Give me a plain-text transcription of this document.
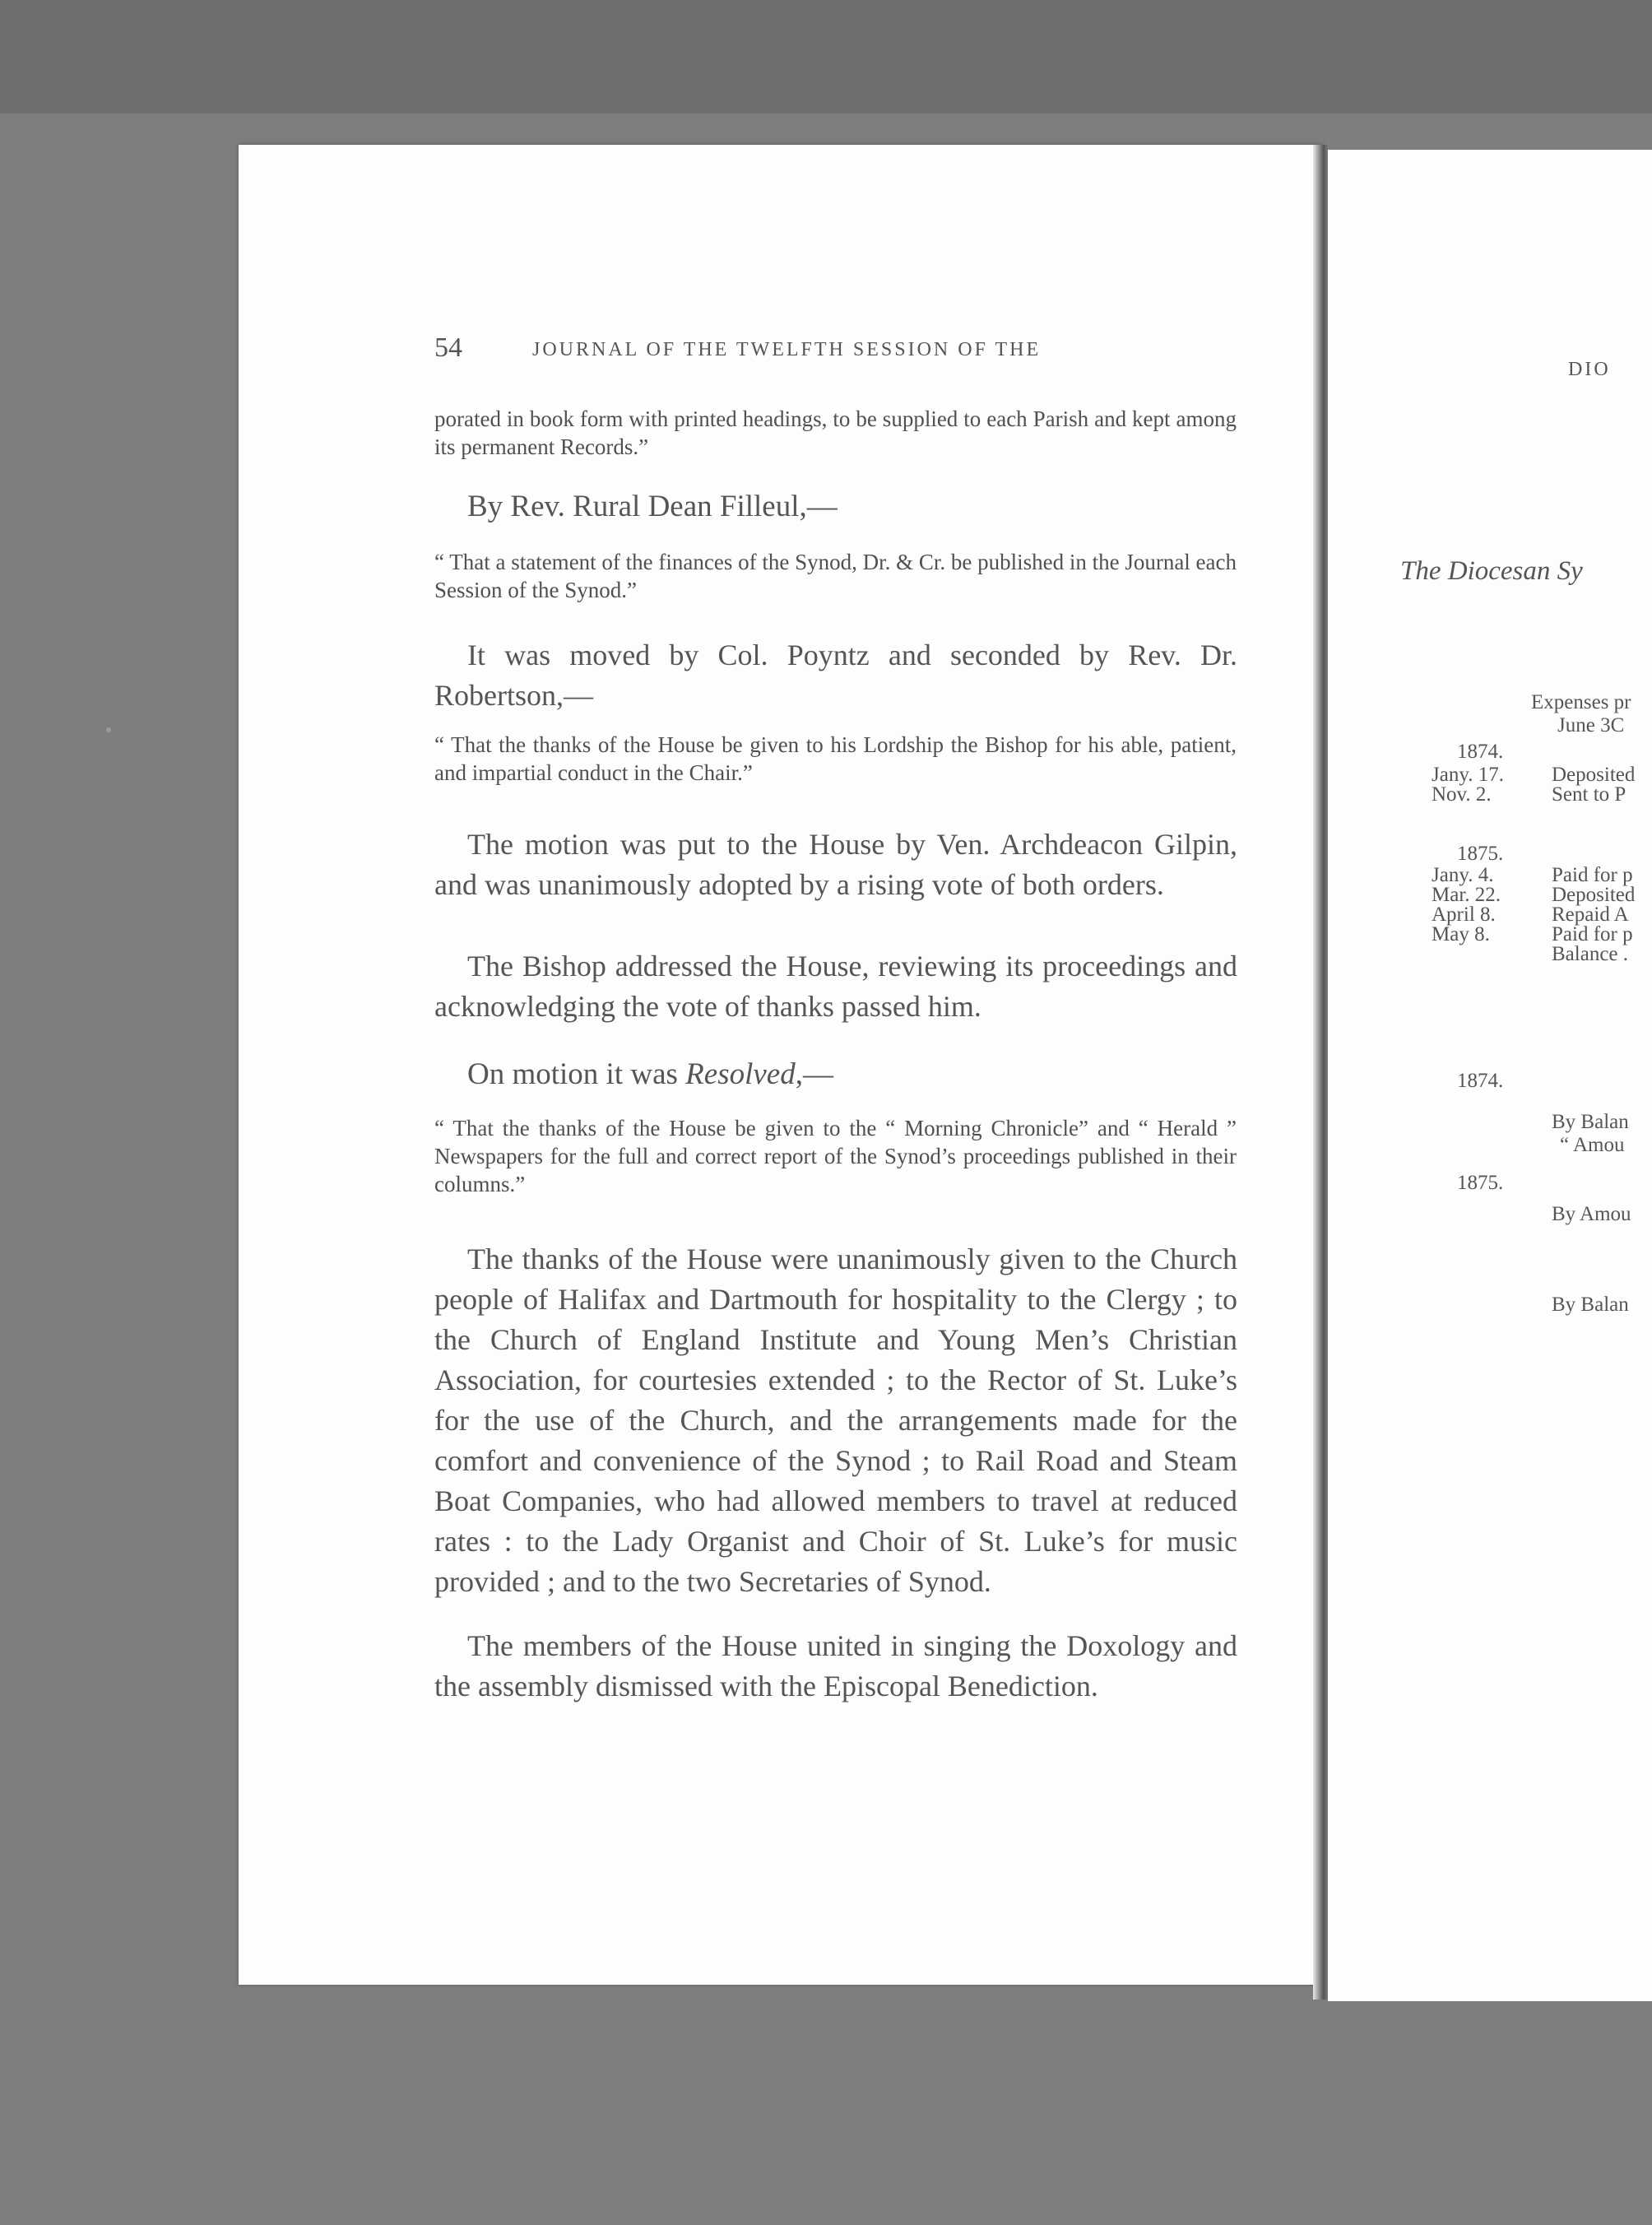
54	JOURNAL OF THE TWELFTH SESSION OF THE
porated in book form with printed headings, to be supplied to each Parish and kept among its permanent Records.”
By Rev. Rural Dean Filleul,—
“ That a statement of the finances of the Synod, Dr. & Cr. be published in the Journal each Session of the Synod.”
It was moved by Col. Poyntz and seconded by Rev. Dr.
Robertson,—
“ That the thanks of the House be given to his Lordship the Bishop for his able, patient, and impartial conduct in the Chair.”
The motion was put to the House by Ven. Archdeacon Gilpin, and was unanimously adopted by a rising vote of both orders.
The Bishop addressed the House, reviewing its proceedings and acknowledging the vote of thanks passed him.
On motion it was Resolved,—
“ That the thanks of the House be given to the “ Morning Chronicle” and “ Herald ” Newspapers for the full and correct report of the Synod’s proceedings published in their columns.”
The thanks of the House were unanimously given to the Church people of Halifax and Dartmouth for hospitality to the Clergy ; to the Church of England Institute and Young Men’s Christian Association, for courtesies extended ; to the Rector of St. Luke’s for the use of the Church, and the arrangements made for the comfort and convenience of the Synod ; to Rail Road and Steam Boat Companies, who had allowed members to travel at reduced rates : to the Lady Organist and Choir of St. Luke’s for music provided ; and to the two Secretaries of Synod.
The members of the House united in singing the Doxology and the assembly dismissed with the Episcopal Benediction.
DIO
The Diocesan Sy
Expenses pr
June 3C
1874.
Jany. 17. Deposited
Nov. 2.	Sent to P
1875.
Jany. 4.	Paid for p
Mar. 22. Deposited
April 8.	Repaid A
May 8.	Paid for p
Balance .
1874.
By Balan
“ Amou
1875.
By Amou
By Balan
